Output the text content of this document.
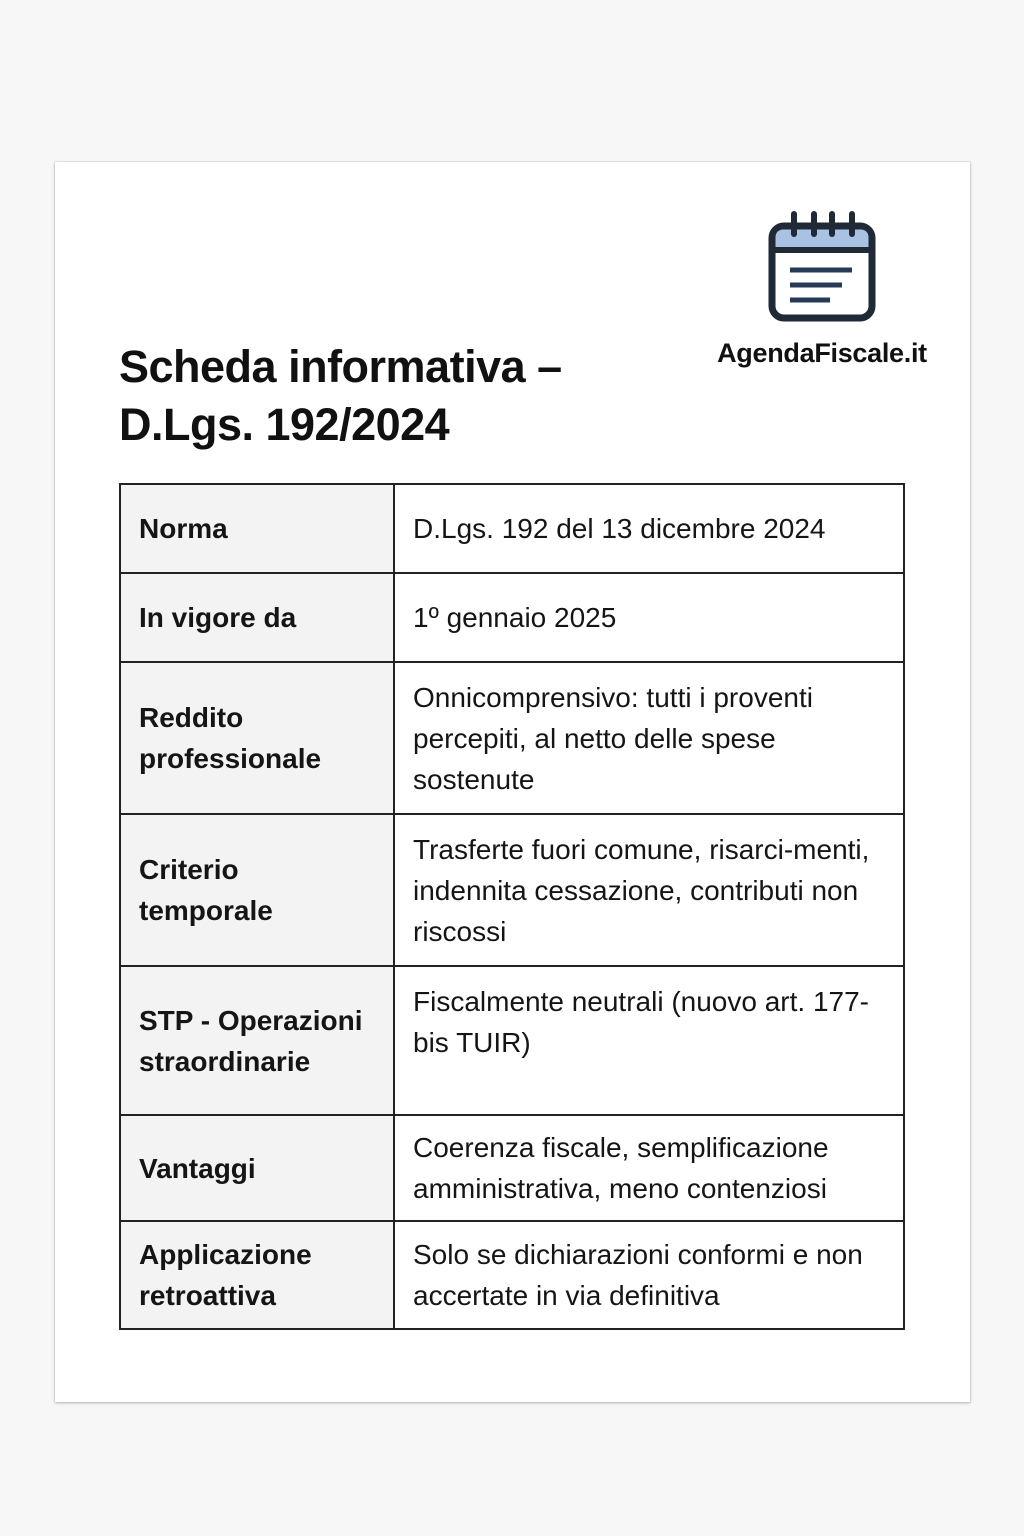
Scheda informativa –
D.Lgs. 192/2024
AgendaFiscale.it
Norma	D.Lgs. 192 del 13 dicembre 2024
In vigore da	1º gennaio 2025
Reddito professionale	Onnicomprensivo: tutti i proventi percepiti, al netto delle spese sostenute
Criterio temporale	Trasferte fuori comune, risarci-menti, indennita cessazione, contributi non riscossi
STP - Operazioni straordinarie	Fiscalmente neutrali (nuovo art. 177-bis TUIR)
Vantaggi	Coerenza fiscale, semplificazione amministrativa, meno contenziosi
Applicazione retroattiva	Solo se dichiarazioni conformi e non accertate in via definitiva
